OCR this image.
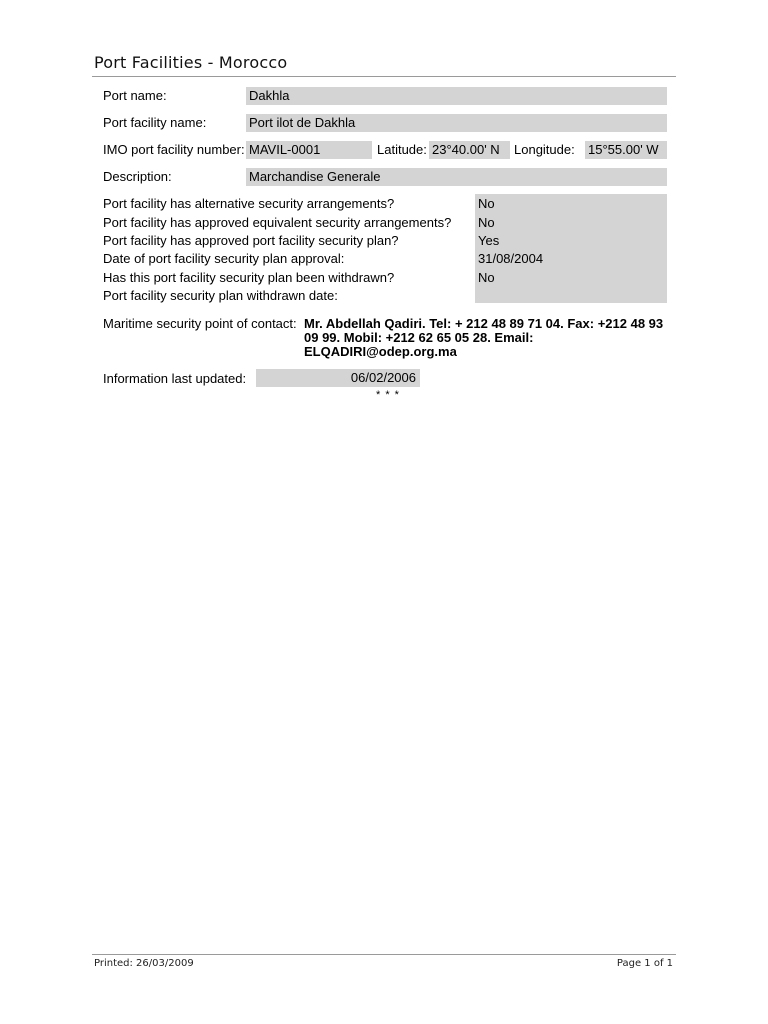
Port Facilities - Morocco
Port name:	Dakhla
Port facility name:	Port ilot de Dakhla
IMO port facility number: MAVIL-0001	Latitude: 23°40.00' N	Longitude: 15°55.00' W
Description:	Marchandise Generale
Port facility has alternative security arrangements?	No
Port facility has approved equivalent security arrangements? No
Port facility has approved port facility security plan?	Yes
Date of port facility security plan approval:	31/08/2004
Has this port facility security plan been withdrawn?	No
Port facility security plan withdrawn date:
Maritime security point of contact: Mr. Abdellah Qadiri. Tel: + 212 48 89 71 04. Fax: +212 48 93 09 99. Mobil: +212 62 65 05 28. Email: ELQADIRI@odep.org.ma
Information last updated:	06/02/2006
* * *
Printed: 26/03/2009	Page 1 of 1
